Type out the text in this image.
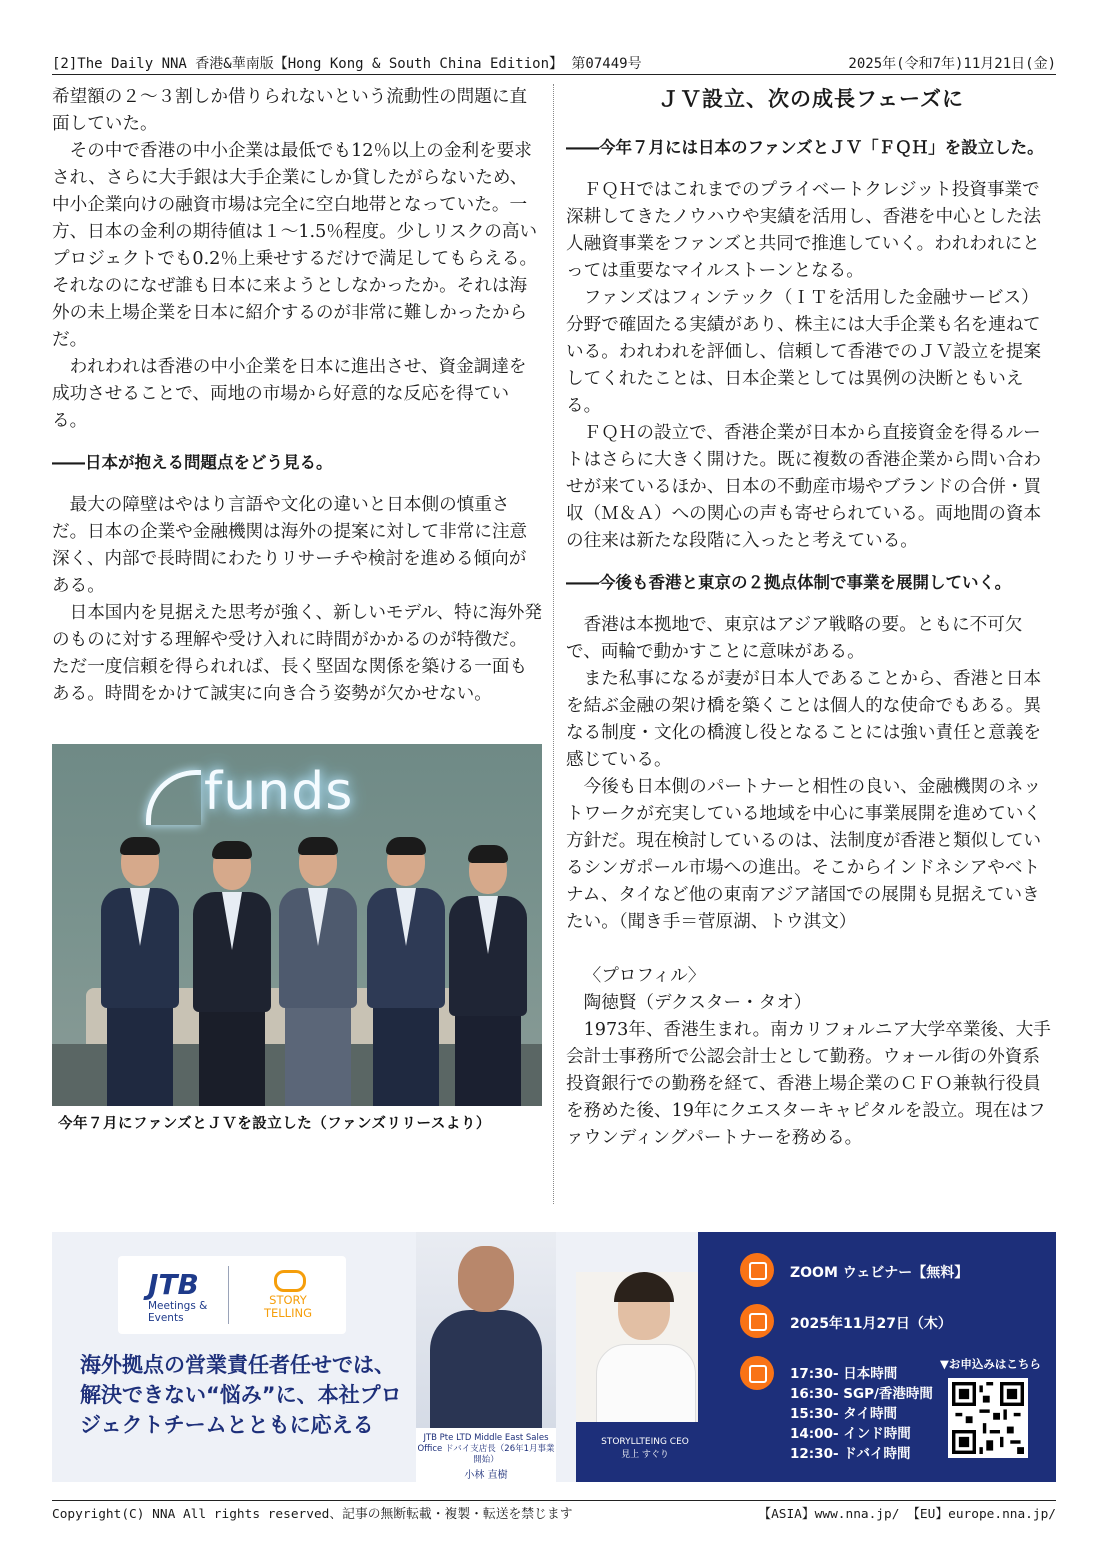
[2]The Daily NNA 香港&華南版【Hong Kong & South China Edition】 第07449号	2025年(令和7年)11月21日(金)

希望額の２～３割しか借りられないという流動性の問題に直面していた。

その中で香港の中小企業は最低でも12％以上の金利を要求され、さらに大手銀は大手企業にしか貸したがらないため、中小企業向けの融資市場は完全に空白地帯となっていた。一方、日本の金利の期待値は１～1.5％程度。少しリスクの高いプロジェクトでも0.2％上乗せするだけで満足してもらえる。それなのになぜ誰も日本に来ようとしなかったか。それは海外の未上場企業を日本に紹介するのが非常に難しかったからだ。

われわれは香港の中小企業を日本に進出させ、資金調達を成功させることで、両地の市場から好意的な反応を得ている。

――日本が抱える問題点をどう見る。

最大の障壁はやはり言語や文化の違いと日本側の慎重さだ。日本の企業や金融機関は海外の提案に対して非常に注意深く、内部で長時間にわたりリサーチや検討を進める傾向がある。

日本国内を見据えた思考が強く、新しいモデル、特に海外発のものに対する理解や受け入れに時間がかかるのが特徴だ。ただ一度信頼を得られれば、長く堅固な関係を築ける一面もある。時間をかけて誠実に向き合う姿勢が欠かせない。

funds
今年７月にファンズとＪＶを設立した（ファンズリリースより）

ＪＶ設立、次の成長フェーズに

――今年７月には日本のファンズとＪＶ「ＦＱＨ」を設立した。

ＦＱＨではこれまでのプライベートクレジット投資事業で深耕してきたノウハウや実績を活用し、香港を中心とした法人融資事業をファンズと共同で推進していく。われわれにとっては重要なマイルストーンとなる。

ファンズはフィンテック（ＩＴを活用した金融サービス）分野で確固たる実績があり、株主には大手企業も名を連ねている。われわれを評価し、信頼して香港でのＪＶ設立を提案してくれたことは、日本企業としては異例の決断ともいえる。

ＦＱＨの設立で、香港企業が日本から直接資金を得るルートはさらに大きく開けた。既に複数の香港企業から問い合わせが来ているほか、日本の不動産市場やブランドの合併・買収（Ｍ＆Ａ）への関心の声も寄せられている。両地間の資本の往来は新たな段階に入ったと考えている。

――今後も香港と東京の２拠点体制で事業を展開していく。

香港は本拠地で、東京はアジア戦略の要。ともに不可欠で、両輪で動かすことに意味がある。

また私事になるが妻が日本人であることから、香港と日本を結ぶ金融の架け橋を築くことは個人的な使命でもある。異なる制度・文化の橋渡し役となることには強い責任と意義を感じている。

今後も日本側のパートナーと相性の良い、金融機関のネットワークが充実している地域を中心に事業展開を進めていく方針だ。現在検討しているのは、法制度が香港と類似しているシンガポール市場への進出。そこからインドネシアやベトナム、タイなど他の東南アジア諸国での展開も見据えていきたい。（聞き手＝菅原湖、トウ淇文）

〈プロフィル〉

陶徳賢（デクスター・タオ）

1973年、香港生まれ。南カリフォルニア大学卒業後、大手会計士事務所で公認会計士として勤務。ウォール街の外資系投資銀行での勤務を経て、香港上場企業のＣＦＯ兼執行役員を務めた後、19年にクエスターキャピタルを設立。現在はファウンディングパートナーを務める。

JTB
Meetings & Events
STORY TELLING
海外拠点の営業責任者任せでは、解決できない“悩み”に、本社プロジェクトチームとともに応える
JTB Pte LTD Middle East Sales Office ドバイ支店長（26年1月事業開始）
小林 直樹
STORYLLTEING CEO
見上 すぐり
ZOOM ウェビナー【無料】
2025年11月27日（木）
17:30- 日本時間
16:30- SGP/香港時間
15:30- タイ時間
14:00- インド時間
12:30- ドバイ時間
▼お申込みはこちら
Copyright(C) NNA All rights reserved、記事の無断転載・複製・転送を禁じます	【ASIA】www.nna.jp/ 【EU】europe.nna.jp/
